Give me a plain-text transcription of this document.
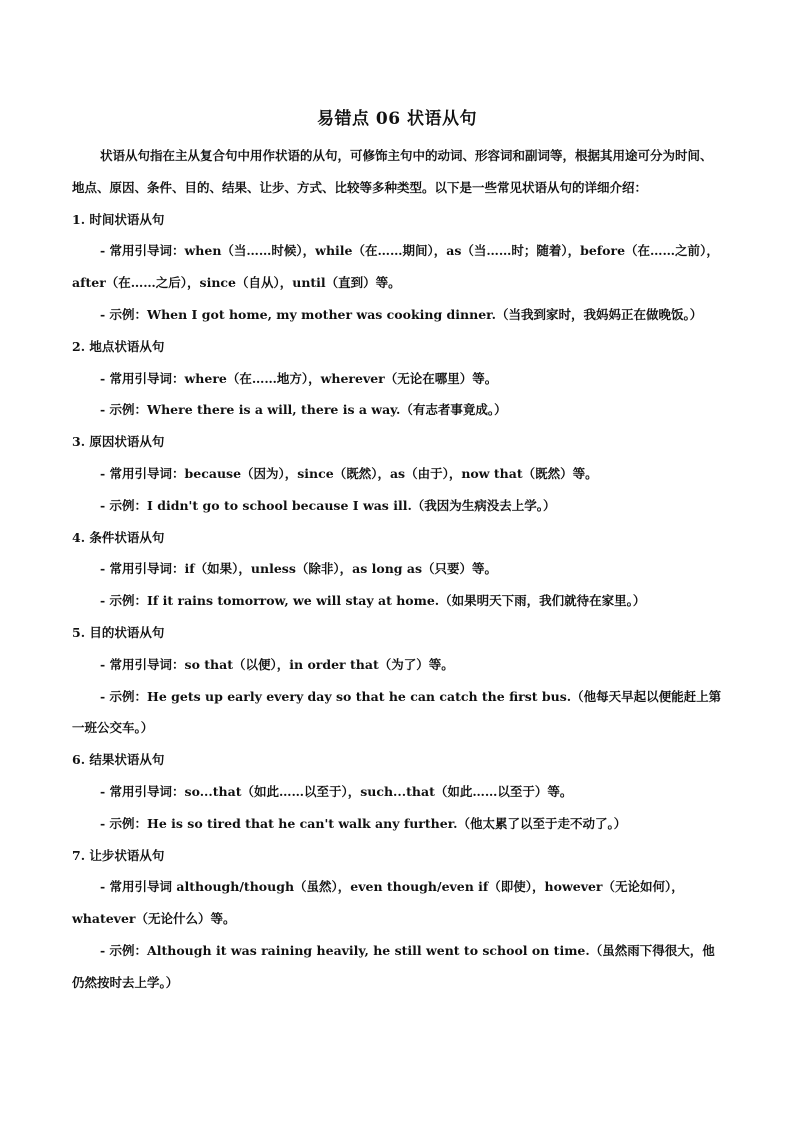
易错点 06 状语从句

状语从句指在主从复合句中用作状语的从句，可修饰主句中的动词、形容词和副词等，根据其用途可分为时间、地点、原因、条件、目的、结果、让步、方式、比较等多种类型。以下是一些常见状语从句的详细介绍：

1. 时间状语从句

- 常用引导词：when（当……时候），while（在……期间），as（当……时；随着），before（在……之前），after（在……之后），since（自从），until（直到）等。

- 示例：When I got home, my mother was cooking dinner.（当我到家时，我妈妈正在做晚饭。）

2. 地点状语从句

- 常用引导词：where（在……地方），wherever（无论在哪里）等。

- 示例：Where there is a will, there is a way.（有志者事竟成。）

3. 原因状语从句

- 常用引导词：because（因为），since（既然），as（由于），now that（既然）等。

- 示例：I didn't go to school because I was ill.（我因为生病没去上学。）

4. 条件状语从句

- 常用引导词：if（如果），unless（除非），as long as（只要）等。

- 示例：If it rains tomorrow, we will stay at home.（如果明天下雨，我们就待在家里。）

5. 目的状语从句

- 常用引导词：so that（以便），in order that（为了）等。

- 示例：He gets up early every day so that he can catch the first bus.（他每天早起以便能赶上第一班公交车。）

6. 结果状语从句

- 常用引导词：so...that（如此……以至于），such...that（如此……以至于）等。

- 示例：He is so tired that he can't walk any further.（他太累了以至于走不动了。）

7. 让步状语从句

- 常用引导词 although/though（虽然），even though/even if（即使），however（无论如何），whatever（无论什么）等。

- 示例：Although it was raining heavily, he still went to school on time.（虽然雨下得很大，他仍然按时去上学。）
